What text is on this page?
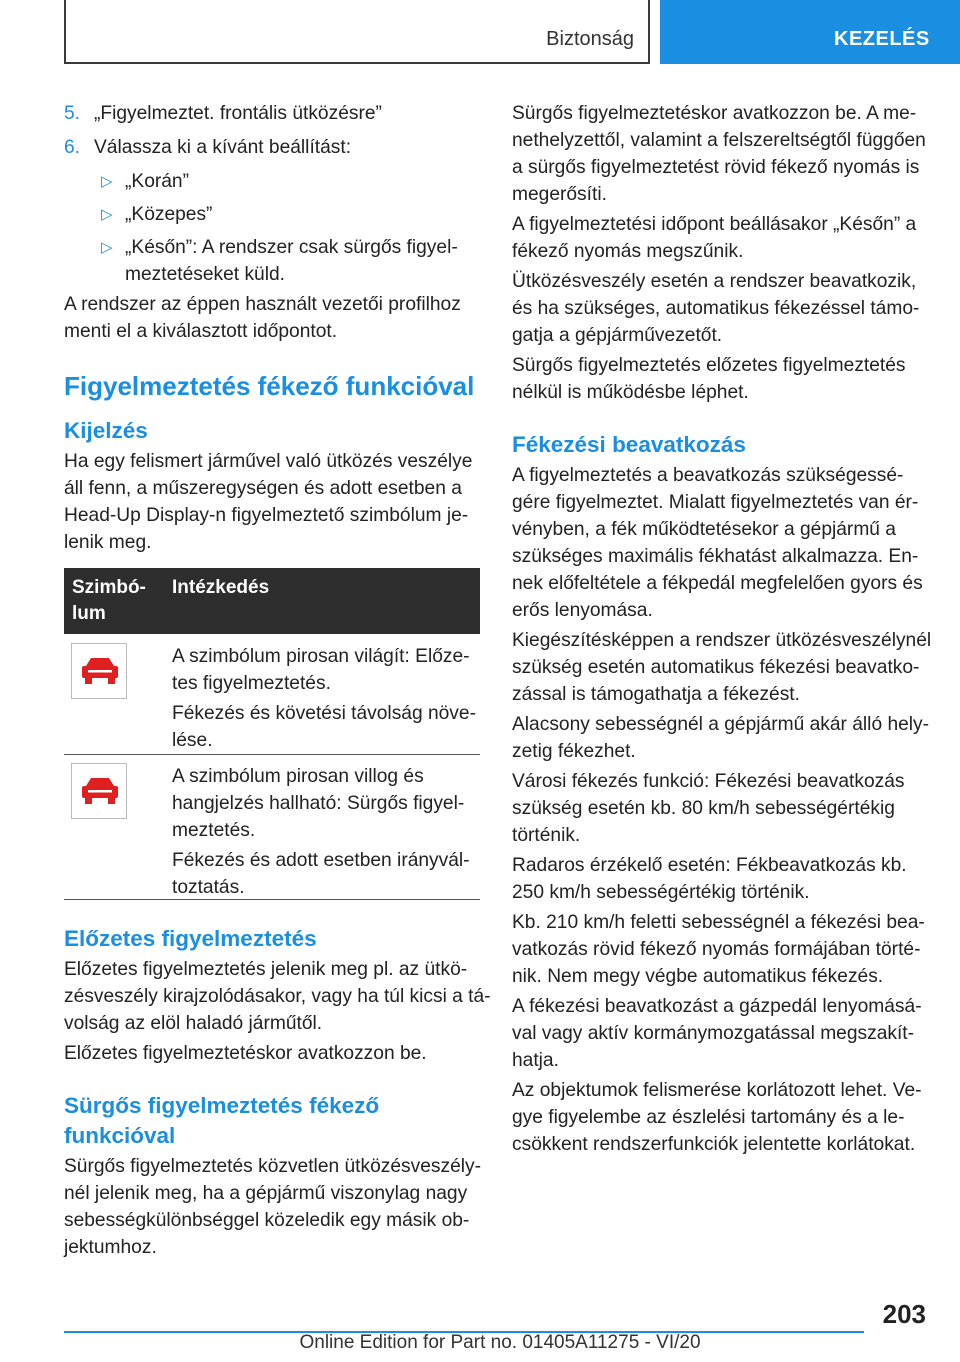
Biztonság	KEZELÉS
5. „Figyelmeztet. frontális ütközésre”
6. Válassza ki a kívánt beállítást:
▷ „Korán”
▷ „Közepes”
▷ „Későn”: A rendszer csak sürgős figyel‐
meztetéseket küld.
A rendszer az éppen használt vezetői profilhoz
menti el a kiválasztott időpontot.
Figyelmeztetés fékező funkcióval
Kijelzés
Ha egy felismert járművel való ütközés veszélye
áll fenn, a műszeregységen és adott esetben a
Head-Up Display-n figyelmeztető szimbólum je‐
lenik meg.
Szimbó‐
lum
Intézkedés
A szimbólum pirosan világít: Előze‐
tes figyelmeztetés.
Fékezés és követési távolság növe‐
lése.
A szimbólum pirosan villog és
hangjelzés hallható: Sürgős figyel‐
meztetés.
Fékezés és adott esetben irányvál‐
toztatás.
Előzetes figyelmeztetés
Előzetes figyelmeztetés jelenik meg pl. az ütkö‐
zésveszély kirajzolódásakor, vagy ha túl kicsi a tá‐
volság az elöl haladó járműtől.
Előzetes figyelmeztetéskor avatkozzon be.
Sürgős figyelmeztetés fékező
funkcióval
Sürgős figyelmeztetés közvetlen ütközésveszély‐
nél jelenik meg, ha a gépjármű viszonylag nagy
sebességkülönbséggel közeledik egy másik ob‐
jektumhoz.
Sürgős figyelmeztetéskor avatkozzon be. A me‐
nethelyzettől, valamint a felszereltségtől függően
a sürgős figyelmeztetést rövid fékező nyomás is
megerősíti.
A figyelmeztetési időpont beállásakor „Későn” a
fékező nyomás megszűnik.
Ütközésveszély esetén a rendszer beavatkozik,
és ha szükséges, automatikus fékezéssel támo‐
gatja a gépjárművezetőt.
Sürgős figyelmeztetés előzetes figyelmeztetés
nélkül is működésbe léphet.
Fékezési beavatkozás
A figyelmeztetés a beavatkozás szükségessé‐
gére figyelmeztet. Mialatt figyelmeztetés van ér‐
vényben, a fék működtetésekor a gépjármű a
szükséges maximális fékhatást alkalmazza. En‐
nek előfeltétele a fékpedál megfelelően gyors és
erős lenyomása.
Kiegészítésképpen a rendszer ütközésveszélynél
szükség esetén automatikus fékezési beavatko‐
zással is támogathatja a fékezést.
Alacsony sebességnél a gépjármű akár álló hely‐
zetig fékezhet.
Városi fékezés funkció: Fékezési beavatkozás
szükség esetén kb. 80 km/h sebességértékig
történik.
Radaros érzékelő esetén: Fékbeavatkozás kb.
250 km/h sebességértékig történik.
Kb. 210 km/h feletti sebességnél a fékezési bea‐
vatkozás rövid fékező nyomás formájában törté‐
nik. Nem megy végbe automatikus fékezés.
A fékezési beavatkozást a gázpedál lenyomásá‐
val vagy aktív kormánymozgatással megszakít‐
hatja.
Az objektumok felismerése korlátozott lehet. Ve‐
gye figyelembe az észlelési tartomány és a le‐
csökkent rendszerfunkciók jelentette korlátokat.
203
Online Edition for Part no. 01405A11275 - VI/20
